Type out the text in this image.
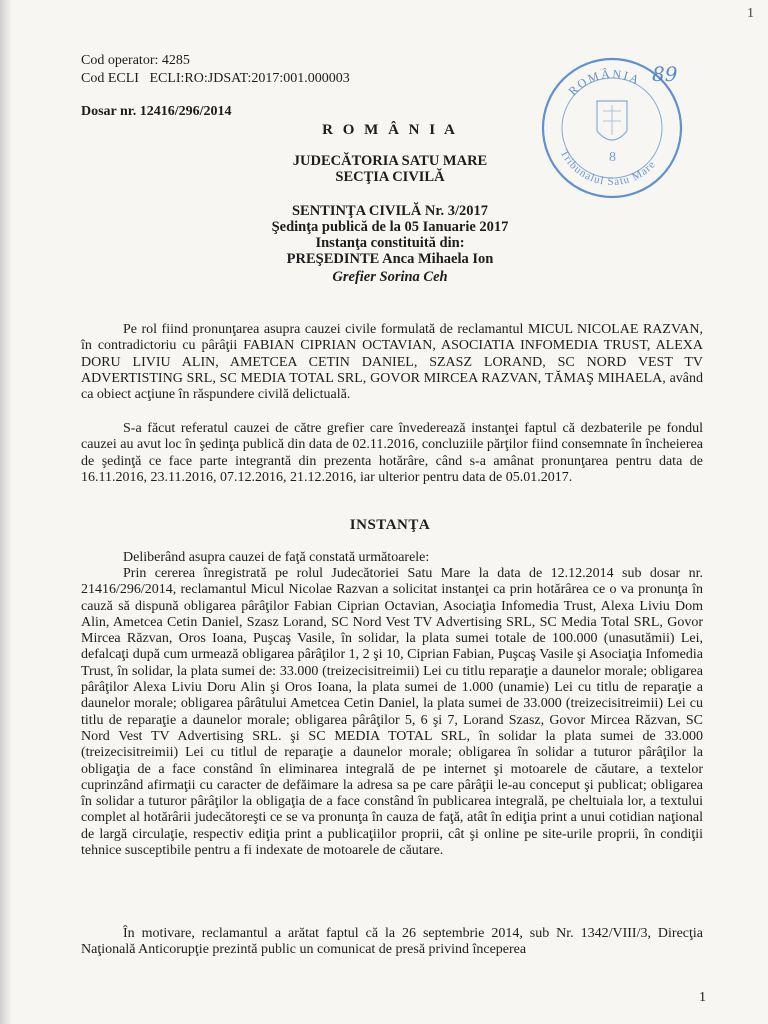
1
Cod operator: 4285
Cod ECLI   ECLI:RO:JDSAT:2017:001.000003
Dosar nr. 12416/296/2014
R O M Â N I A
JUDECĂTORIA SATU MARE
SECŢIA CIVILĂ
SENTINŢA CIVILĂ Nr. 3/2017
Şedinţa publică de la 05 Ianuarie 2017
Instanţa constituită din:
PREŞEDINTE Anca Mihaela Ion
Grefier Sorina Ceh
ROMÂNIA
Tribunalul Satu Mare
8
89
Pe rol fiind pronunţarea asupra cauzei civile formulată de reclamantul MICUL NICOLAE RAZVAN, în contradictoriu cu pârâţii FABIAN CIPRIAN OCTAVIAN, ASOCIATIA INFOMEDIA TRUST, ALEXA DORU LIVIU ALIN, AMETCEA CETIN DANIEL, SZASZ LORAND, SC NORD VEST TV ADVERTISTING SRL, SC MEDIA TOTAL SRL, GOVOR MIRCEA RAZVAN, TĂMAŞ MIHAELA, având ca obiect acţiune în răspundere civilă delictuală.
S-a făcut referatul cauzei de către grefier care învederează instanţei faptul că dezbaterile pe fondul cauzei au avut loc în şedinţa publică din data de 02.11.2016, concluziile părţilor fiind consemnate în încheierea de şedinţă ce face parte integrantă din prezenta hotărâre, când s-a amânat pronunţarea pentru data de 16.11.2016, 23.11.2016, 07.12.2016, 21.12.2016, iar ulterior pentru data de 05.01.2017.
INSTANŢA
Deliberând asupra cauzei de faţă constată următoarele:
Prin cererea înregistrată pe rolul Judecătoriei Satu Mare la data de 12.12.2014 sub dosar nr. 21416/296/2014, reclamantul Micul Nicolae Razvan a solicitat instanţei ca prin hotărârea ce o va pronunţa în cauză să dispună obligarea pârâţilor Fabian Ciprian Octavian, Asociaţia Infomedia Trust, Alexa Liviu Dom Alin, Ametcea Cetin Daniel, Szasz Lorand, SC Nord Vest TV Advertising SRL, SC Media Total SRL, Govor Mircea Răzvan, Oros Ioana, Puşcaş Vasile, în solidar, la plata sumei totale de 100.000 (unasutămii) Lei, defalcaţi după cum urmează obligarea pârâţilor 1, 2 şi 10, Ciprian Fabian, Puşcaş Vasile şi Asociaţia Infomedia Trust, în solidar, la plata sumei de: 33.000 (treizecisitreimii) Lei cu titlu reparaţie a daunelor morale; obligarea pârâţilor Alexa Liviu Doru Alin şi Oros Ioana, la plata sumei de 1.000 (unamie) Lei cu titlu de reparaţie a daunelor morale; obligarea pârâtului Ametcea Cetin Daniel, la plata sumei de 33.000 (treizecisitreimii) Lei cu titlu de reparaţie a daunelor morale; obligarea pârâţilor 5, 6 şi 7, Lorand Szasz, Govor Mircea Răzvan, SC Nord Vest TV Advertising SRL. şi SC MEDIA TOTAL SRL, în solidar la plata sumei de 33.000 (treizecisitreimii) Lei cu titlul de reparaţie a daunelor morale; obligarea în solidar a tuturor pârâţilor la obligaţia de a face constând în eliminarea integrală de pe internet şi motoarele de căutare, a textelor cuprinzând afirmaţii cu caracter de defăimare la adresa sa pe care pârâţii le-au conceput şi publicat; obligarea în solidar a tuturor pârâţilor la obligaţia de a face constând în publicarea integrală, pe cheltuiala lor, a textului complet al hotărârii judecătoreşti ce se va pronunţa în cauza de faţă, atât în ediţia print a unui cotidian naţional de largă circulaţie, respectiv ediţia print a publicaţiilor proprii, cât şi online pe site-urile proprii, în condiţii tehnice susceptibile pentru a fi indexate de motoarele de căutare.
În motivare, reclamantul a arătat faptul că la 26 septembrie 2014, sub Nr. 1342/VIII/3, Direcţia Naţională Anticorupţie prezintă public un comunicat de presă privind începerea
1
